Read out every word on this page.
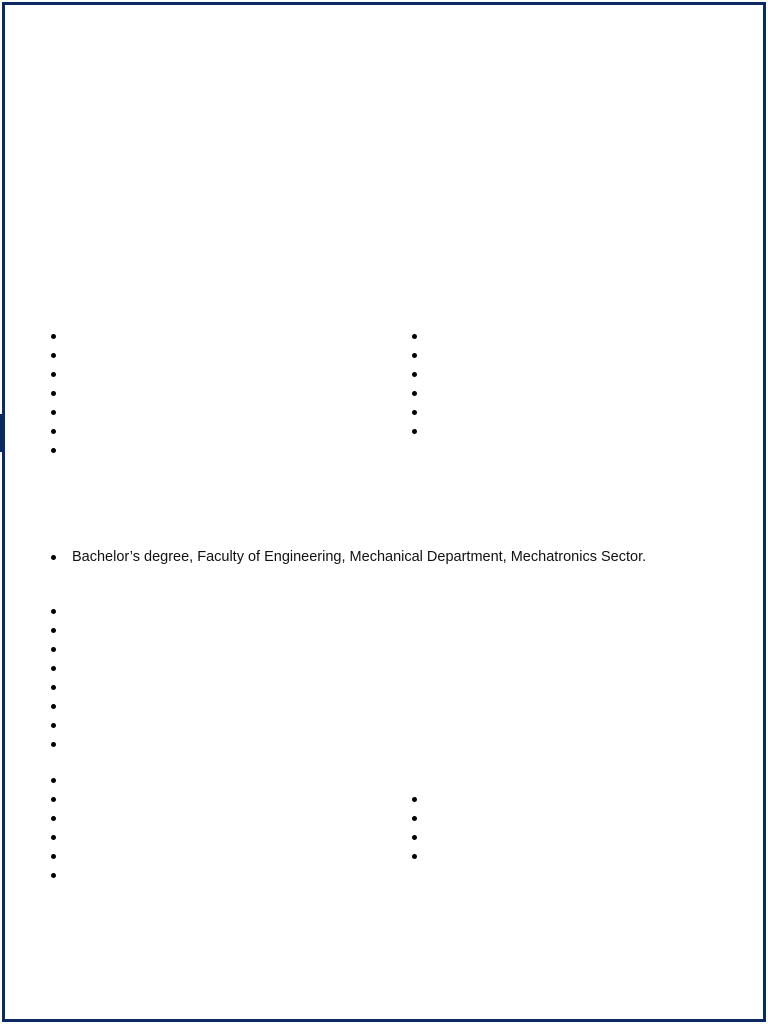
Bachelor’s degree, Faculty of Engineering, Mechanical Department, Mechatronics Sector.
